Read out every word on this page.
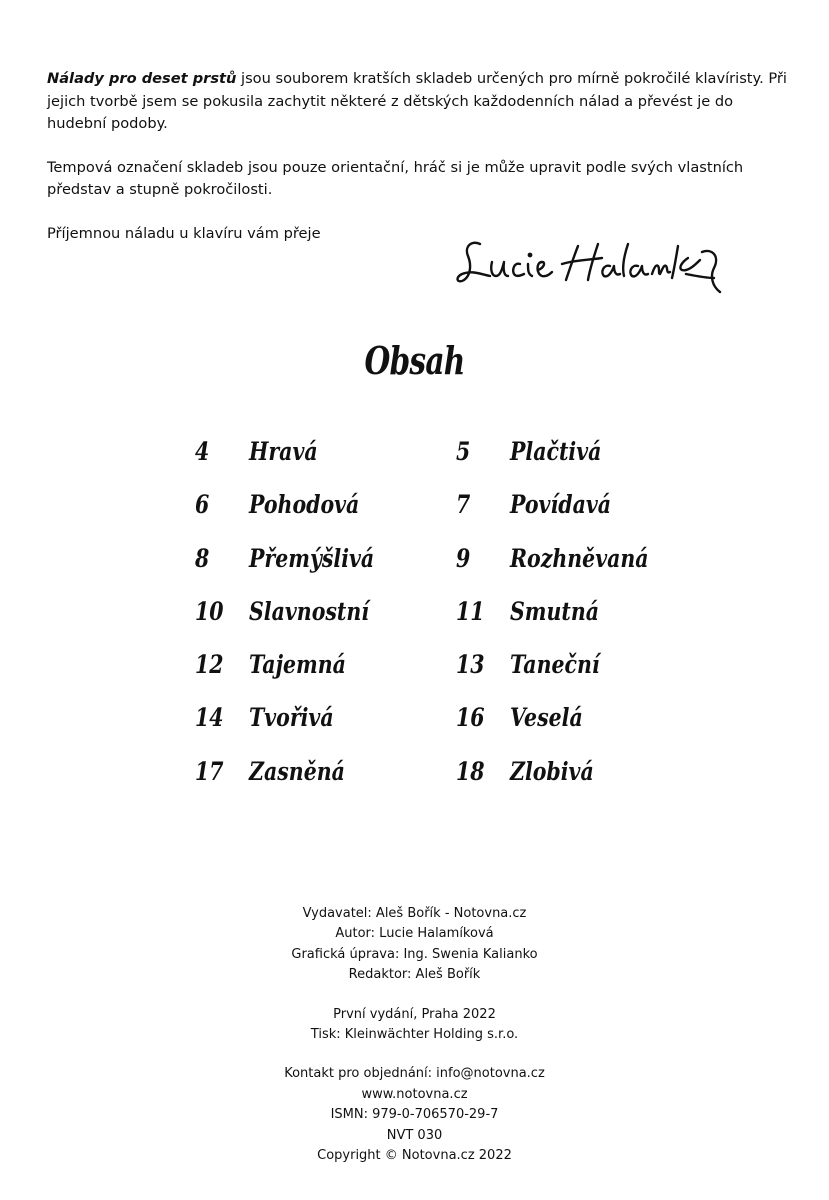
Nálady pro deset prstů jsou souborem kratších skladeb určených pro mírně pokročilé klavíristy. Při jejich tvorbě jsem se pokusila zachytit některé z dětských každodenních nálad a převést je do hudební podoby.

Tempová označení skladeb jsou pouze orientační, hráč si je může upravit podle svých vlastních představ a stupně pokročilosti.

Příjemnou náladu u klavíru vám přeje

Obsah
4 Hravá	5 Plačtivá
6 Pohodová	7 Povídavá
8 Přemýšlivá	9 Rozhněvaná
10 Slavnostní	11 Smutná
12 Tajemná	13 Taneční
14 Tvořivá	16 Veselá
17 Zasněná	18 Zlobivá
Vydavatel: Aleš Bořík - Notovna.cz
Autor: Lucie Halamíková
Grafická úprava: Ing. Swenia Kalianko
Redaktor: Aleš Bořík
První vydání, Praha 2022
Tisk: Kleinwächter Holding s.r.o.
Kontakt pro objednání: info@notovna.cz
www.notovna.cz
ISMN: 979-0-706570-29-7
NVT 030
Copyright © Notovna.cz 2022
